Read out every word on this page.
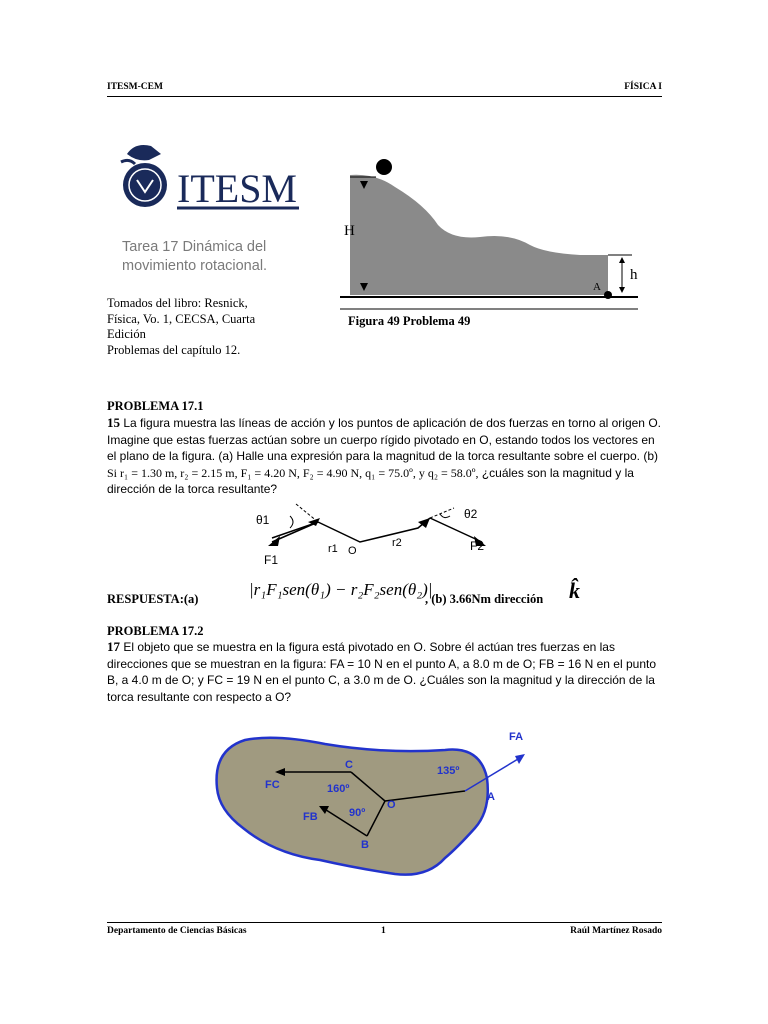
ITESM-CEM	FÍSICA I
ITESM
Tarea 17 Dinámica del
movimiento rotacional.
Tomados del libro: Resnick,
Física, Vo. 1, CECSA, Cuarta
Edición
Problemas del capítulo 12.
H
h
A
Figura 49 Problema 49
PROBLEMA 17.1
15 La figura muestra las líneas de acción y los puntos de aplicación de dos fuerzas en torno al origen O. Imagine que estas fuerzas actúan sobre un cuerpo rígido pivotado en O, estando todos los vectores en el plano de la figura. (a) Halle una expresión para la magnitud de la torca resultante sobre el cuerpo. (b) Si r₁ = 1.30 m, r₂ = 2.15 m, F₁ = 4.20 N, F₂ = 4.90 N, q₁ = 75.0º, y q₂ = 58.0º, ¿cuáles son la magnitud y la dirección de la torca resultante?
θ1	θ2
F1
F2
r1	r2
O
RESPUESTA:(a)	|r₁F₁sen(θ₁) − r₂F₂sen(θ₂)|
, (b) 3.66Nm dirección k̂
PROBLEMA 17.2
17 El objeto que se muestra en la figura está pivotado en O. Sobre él actúan tres fuerzas en las direcciones que se muestran en la figura: FA = 10 N en el punto A, a 8.0 m de O; FB = 16 N en el punto B, a 4.0 m de O; y FC = 19 N en el punto C, a 3.0 m de O. ¿Cuáles son la magnitud y la dirección de la torca resultante con respecto a O?
FA
FC
FB
A
B
C
O
135º
160º
90º
Departamento de Ciencias Básicas	1	Raúl Martínez Rosado
